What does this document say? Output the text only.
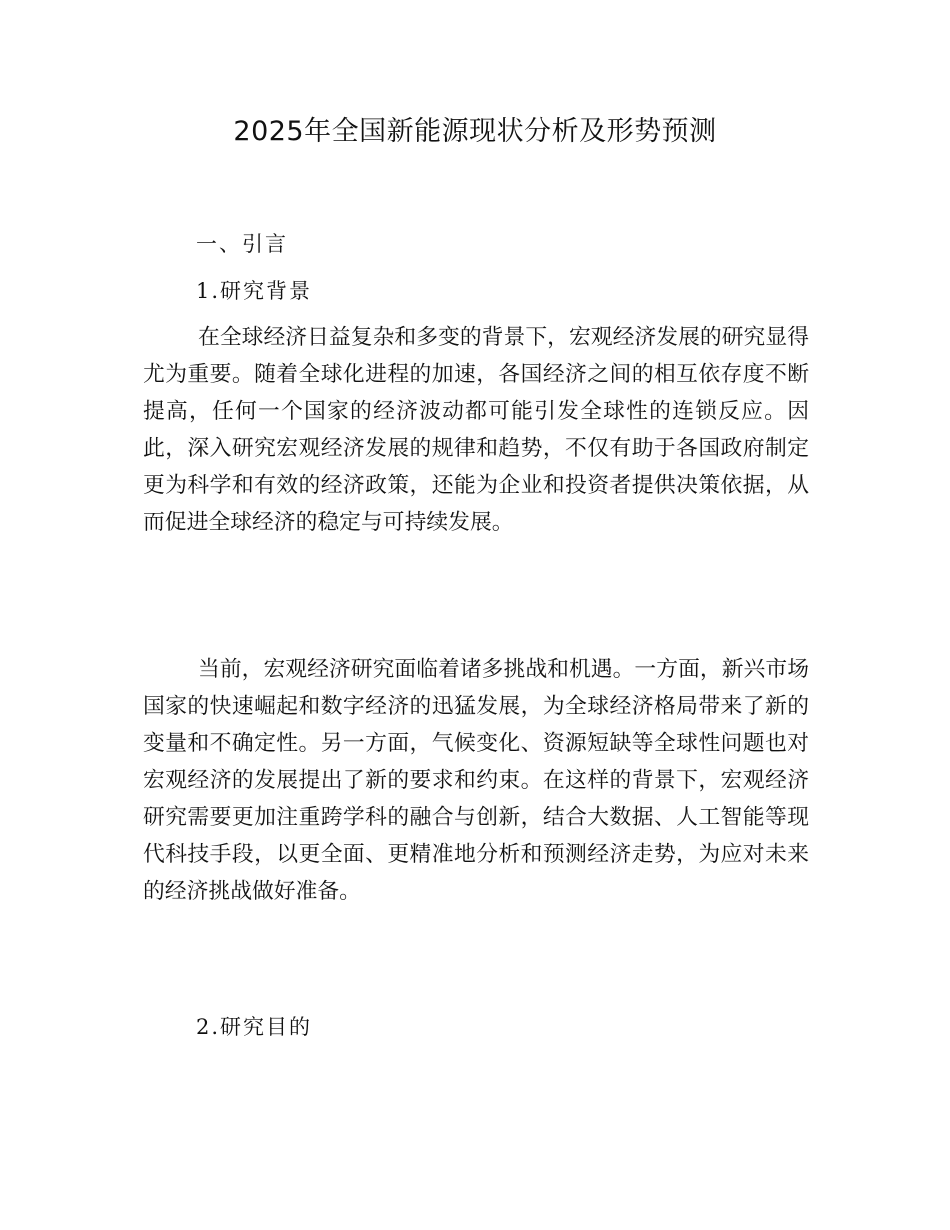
2025年全国新能源现状分析及形势预测
一、引言
1.研究背景

在全球经济日益复杂和多变的背景下，宏观经济发展的研究显得尤为重要。随着全球化进程的加速，各国经济之间的相互依存度不断提高，任何一个国家的经济波动都可能引发全球性的连锁反应。因此，深入研究宏观经济发展的规律和趋势，不仅有助于各国政府制定更为科学和有效的经济政策，还能为企业和投资者提供决策依据，从而促进全球经济的稳定与可持续发展。

当前，宏观经济研究面临着诸多挑战和机遇。一方面，新兴市场国家的快速崛起和数字经济的迅猛发展，为全球经济格局带来了新的变量和不确定性。另一方面，气候变化、资源短缺等全球性问题也对宏观经济的发展提出了新的要求和约束。在这样的背景下，宏观经济研究需要更加注重跨学科的融合与创新，结合大数据、人工智能等现代科技手段，以更全面、更精准地分析和预测经济走势，为应对未来的经济挑战做好准备。

2.研究目的
